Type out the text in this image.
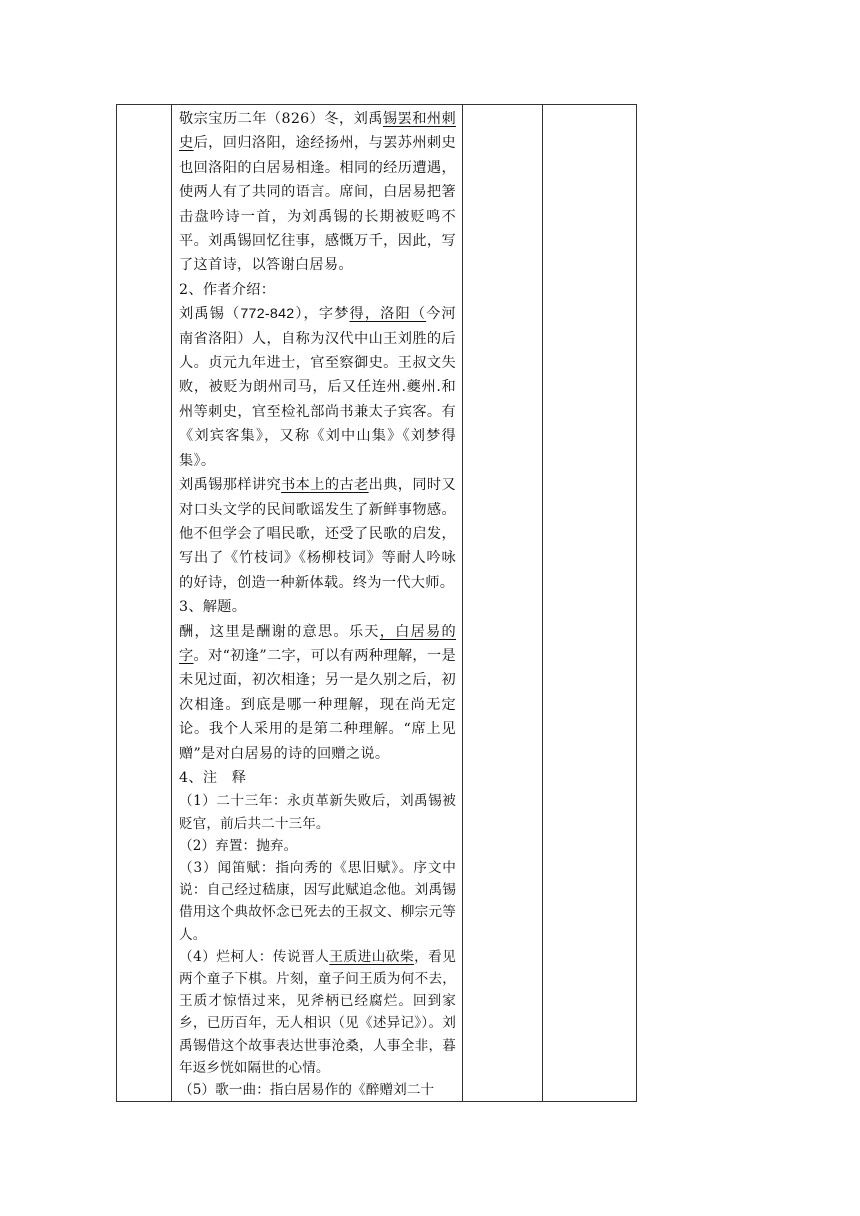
敬宗宝历二年（826）冬，刘禹锡罢和州刺史后，回归洛阳，途经扬州，与罢苏州刺史也回洛阳的白居易相逢。相同的经历遭遇，使两人有了共同的语言。席间，白居易把箸击盘吟诗一首，为刘禹锡的长期被贬鸣不平。刘禹锡回忆往事，感慨万千，因此，写了这首诗，以答谢白居易。

2、作者介绍：

刘禹锡（772-842），字梦得，洛阳（今河南省洛阳）人，自称为汉代中山王刘胜的后人。贞元九年进士，官至察御史。王叔文失败，被贬为朗州司马，后又任连州.夔州.和州等刺史，官至检礼部尚书兼太子宾客。有《刘宾客集》，又称《刘中山集》《刘梦得集》。

刘禹锡那样讲究书本上的古老出典，同时又对口头文学的民间歌谣发生了新鲜事物感。他不但学会了唱民歌，还受了民歌的启发，写出了《竹枝词》《杨柳枝词》等耐人吟咏的好诗，创造一种新体载。终为一代大师。

3、解题。

酬，这里是酬谢的意思。乐天，白居易的字。对“初逢”二字，可以有两种理解，一是未见过面，初次相逢；另一是久别之后，初次相逢。到底是哪一种理解，现在尚无定论。我个人采用的是第二种理解。“席上见赠”是对白居易的诗的回赠之说。

4、注　释

（1）二十三年：永贞革新失败后，刘禹锡被贬官，前后共二十三年。

（2）弃置：抛弃。

（3）闻笛赋：指向秀的《思旧赋》。序文中说：自己经过嵇康，因写此赋追念他。刘禹锡借用这个典故怀念已死去的王叔文、柳宗元等人。

（4）烂柯人：传说晋人王质进山砍柴，看见两个童子下棋。片刻，童子问王质为何不去，王质才惊悟过来，见斧柄已经腐烂。回到家乡，已历百年，无人相识（见《述异记》）。刘禹锡借这个故事表达世事沧桑，人事全非，暮年返乡恍如隔世的心情。

（5）歌一曲：指白居易作的《醉赠刘二十
